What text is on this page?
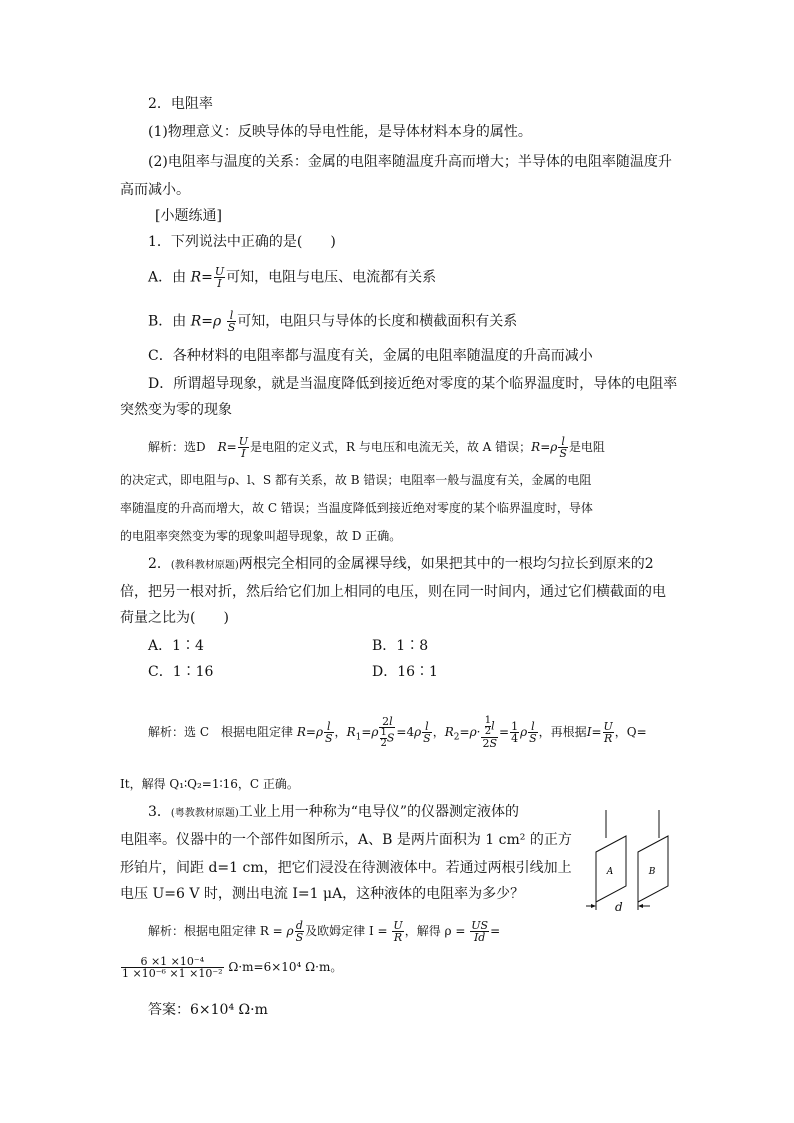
2．电阻率
(1)物理意义：反映导体的导电性能，是导体材料本身的属性。
(2)电阻率与温度的关系：金属的电阻率随温度升高而增大；半导体的电阻率随温度升
高而减小。
[小题练通]
1．下列说法中正确的是(　　)
A．由 $R= \frac{U}{I}$ 可知，电阻与电压、电流都有关系
B．由 $R=\rho \frac{l}{S}$ 可知，电阻只与导体的长度和横截面积有关系
C．各种材料的电阻率都与温度有关，金属的电阻率随温度的升高而减小
D．所谓超导现象，就是当温度降低到接近绝对零度的某个临界温度时，导体的电阻率
突然变为零的现象
解析：选D　$R= \frac{U}{I}$ 是电阻的定义式，R 与电压和电流无关，故 A 错误；$R=\rho \frac{l}{S}$ 是电阻
的决定式，即电阻与ρ、l、S 都有关系，故 B 错误；电阻率一般与温度有关，金属的电阻
率随温度的升高而增大，故 C 错误；当温度降低到接近绝对零度的某个临界温度时，导体
的电阻率突然变为零的现象叫超导现象，故 D 正确。
2．(教科教材原题)两根完全相同的金属裸导线，如果把其中的一根均匀拉长到原来的2
倍，把另一根对折，然后给它们加上相同的电压，则在同一时间内，通过它们横截面的电
荷量之比为(　　)
A．1∶4	B．1∶8
C．1∶16	D．16∶1
解析：选 C　根据电阻定律 $R=\rho \frac{l}{S}$ ，$R_1=\rho \frac{2l}{\frac{1}{2} S} =4\rho \frac{l}{S}$ ，$R_2=\rho\cdot \frac{\frac{1}{2} l}{2S} = \frac{1}{4}$ ρ $\frac{l}{S}$ ，再根据$I= \frac{U}{R}$ ，Q=
It，解得 Q₁∶Q₂=1∶16，C 正确。
3．(粤教教材原题)工业上用一种称为“电导仪”的仪器测定液体的
电阻率。仪器中的一个部件如图所示，A、B 是两片面积为 1 cm² 的正方
形铂片，间距 d=1 cm，把它们浸没在待测液体中。若通过两根引线加上
电压 U=6 V 时，测出电流 I=1 μA，这种液体的电阻率为多少？
A	B
d
解析：根据电阻定律 R = ρ $\frac{d}{S}$ 及欧姆定律 $I = \frac{U}{R}$ ，解得 $\rho = \frac{US}{Id}$ =
$\frac{\text{6 ×1 ×10⁻⁴}}{\text{1 ×10⁻⁶ ×1 ×10⁻²}} \Omega\cdot m=6\times 10^4$ Ω·m。
答案：6×10⁴ Ω·m
